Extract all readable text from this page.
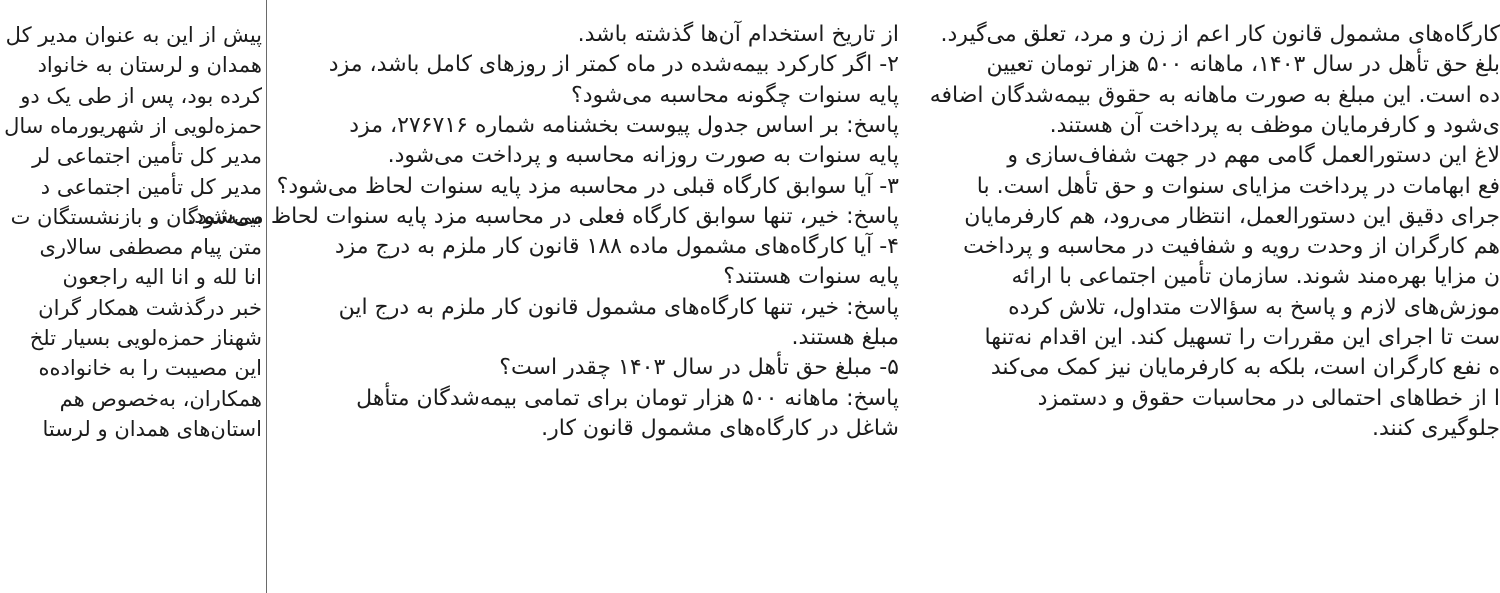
پیش از این به عنوان مدیر کل
همدان و لرستان به خانواد
کرده بود، پس از طی یک دو
حمزه‌لویی از شهریورماه سال
مدیر کل تأمین اجتماعی لر
مدیر کل تأمین اجتماعی د
بیمه‌شدگان و بازنشستگان ت
متن پیام مصطفی سالاری
انا لله و انا الیه راجعون
خبر درگذشت همکار گران
شهناز حمزه‌لویی بسیار تلخ
این مصیبت را به خانواده‌ه
همکاران، به‌خصوص هم
استان‌های همدان و لرستا
از تاریخ استخدام آن‌ها گذشته باشد.
۲- اگر کارکرد بیمه‌شده در ماه کمتر از روزهای کامل باشد، مزد
پایه سنوات چگونه محاسبه می‌شود؟
پاسخ: بر اساس جدول پیوست بخشنامه شماره ۲۷۶۷۱۶، مزد
پایه سنوات به صورت روزانه محاسبه و پرداخت می‌شود.
۳- آیا سوابق کارگاه قبلی در محاسبه مزد پایه سنوات لحاظ می‌شود؟
پاسخ: خیر، تنها سوابق کارگاه فعلی در محاسبه مزد پایه سنوات لحاظ می‌شود.
۴- آیا کارگاه‌های مشمول ماده ۱۸۸ قانون کار ملزم به درج مزد
پایه سنوات هستند؟
پاسخ: خیر، تنها کارگاه‌های مشمول قانون کار ملزم به درج این
مبلغ هستند.
۵- مبلغ حق تأهل در سال ۱۴۰۳ چقدر است؟
پاسخ: ماهانه ۵۰۰ هزار تومان برای تمامی بیمه‌شدگان متأهل
شاغل در کارگاه‌های مشمول قانون کار.
کارگاه‌های مشمول قانون کار اعم از زن و مرد، تعلق می‌گیرد.
بلغ حق تأهل در سال ۱۴۰۳، ماهانه ۵۰۰ هزار تومان تعیین
ده است. این مبلغ به صورت ماهانه به حقوق بیمه‌شدگان اضافه
ی‌شود و کارفرمایان موظف به پرداخت آن هستند.
لاغ این دستورالعمل گامی مهم در جهت شفاف‌سازی و
فع ابهامات در پرداخت مزایای سنوات و حق تأهل است. با
جرای دقیق این دستورالعمل، انتظار می‌رود، هم کارفرمایان
هم کارگران از وحدت رویه و شفافیت در محاسبه و پرداخت
ن مزایا بهره‌مند شوند. سازمان تأمین اجتماعی با ارائه
موزش‌های لازم و پاسخ به سؤالات متداول، تلاش کرده
ست تا اجرای این مقررات را تسهیل کند. این اقدام نه‌تنها
ه نفع کارگران است، بلکه به کارفرمایان نیز کمک می‌کند
ا از خطاهای احتمالی در محاسبات حقوق و دستمزد
جلوگیری کنند.
